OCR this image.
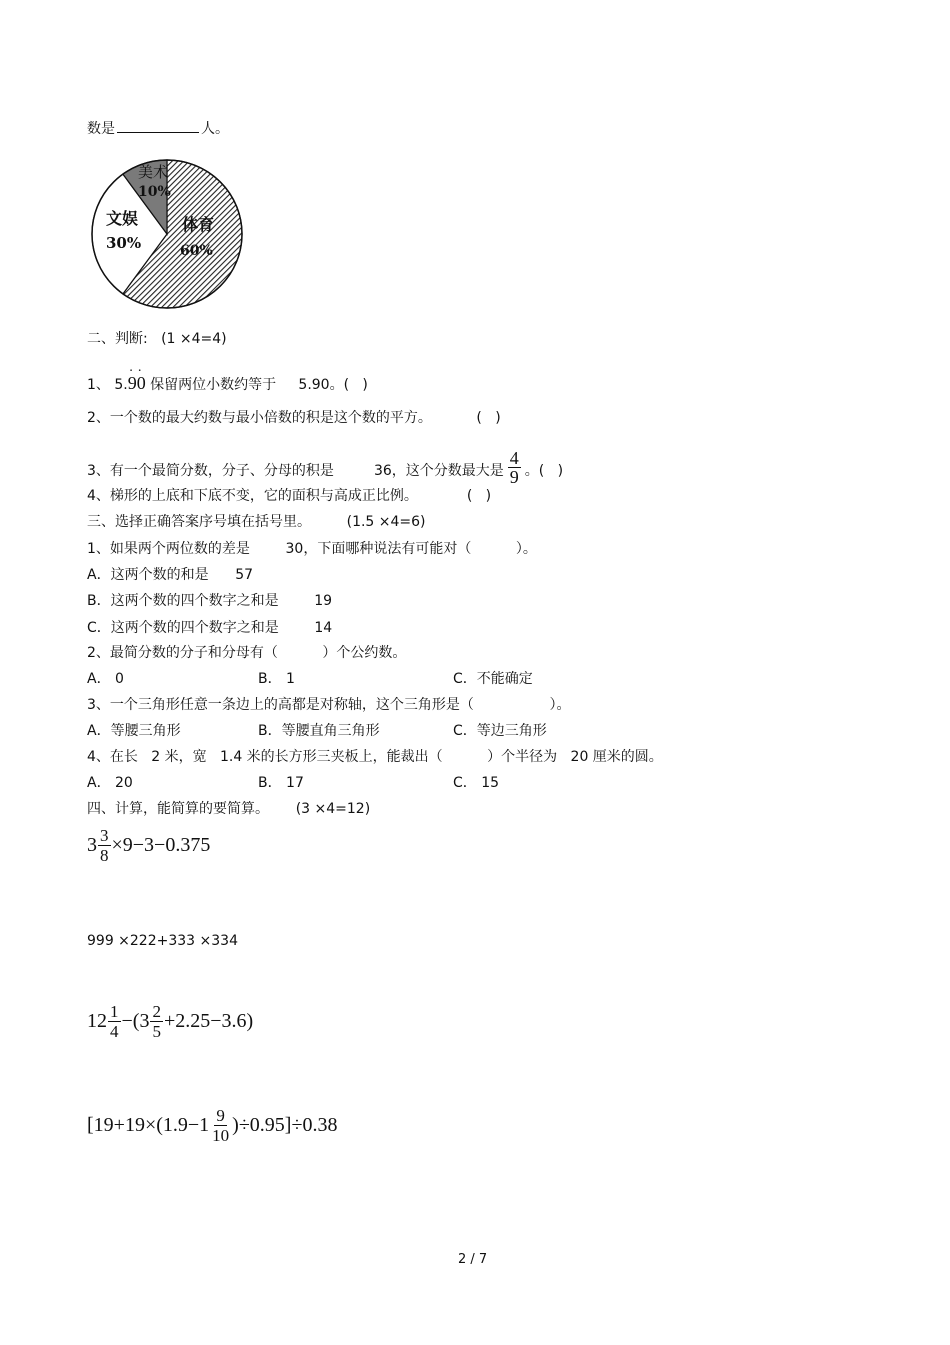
数是	人。
美术
10%
文娱
30%
体育
60%
二、判断:   (1 ×4=4)
1、 5.·  · 90 保留两位小数约等于     5.90。(   )
2、一个数的最大约数与最小倍数的积是这个数的平方。          (   )
3、有一个最简分数，分子、分母的积是         36，这个分数最大是 $\frac{4}{9}$ 。(   )
4、梯形的上底和下底不变，它的面积与高成正比例。           (   )
三、选择正确答案序号填在括号里。        (1.5 ×4=6)
1、如果两个两位数的差是        30，下面哪种说法有可能对（          ）。
A．这两个数的和是      57
B．这两个数的四个数字之和是        19
C．这两个数的四个数字之和是        14
2、最简分数的分子和分母有（          ）个公约数。
A． 0	B． 1	C．不能确定
3、一个三角形任意一条边上的高都是对称轴，这个三角形是（                 ）。
A．等腰三角形	B．等腰直角三角形	C．等边三角形
4、在长   2 米，宽   1.4 米的长方形三夹板上，能裁出（          ）个半径为   20 厘米的圆。
A． 20	B． 17	C． 15
四、计算，能简算的要简算。      (3 ×4=12)
$3 \frac{3}{8} \times 9-3-0.375$
999 ×222+333 ×334
$12 \frac{1}{4} -(3 \frac{2}{5} +2.25-3.6)$
$[19+19\times(1.9-1 \frac{9}{10} )\div 0.95]\div 0.38$
2 / 7
